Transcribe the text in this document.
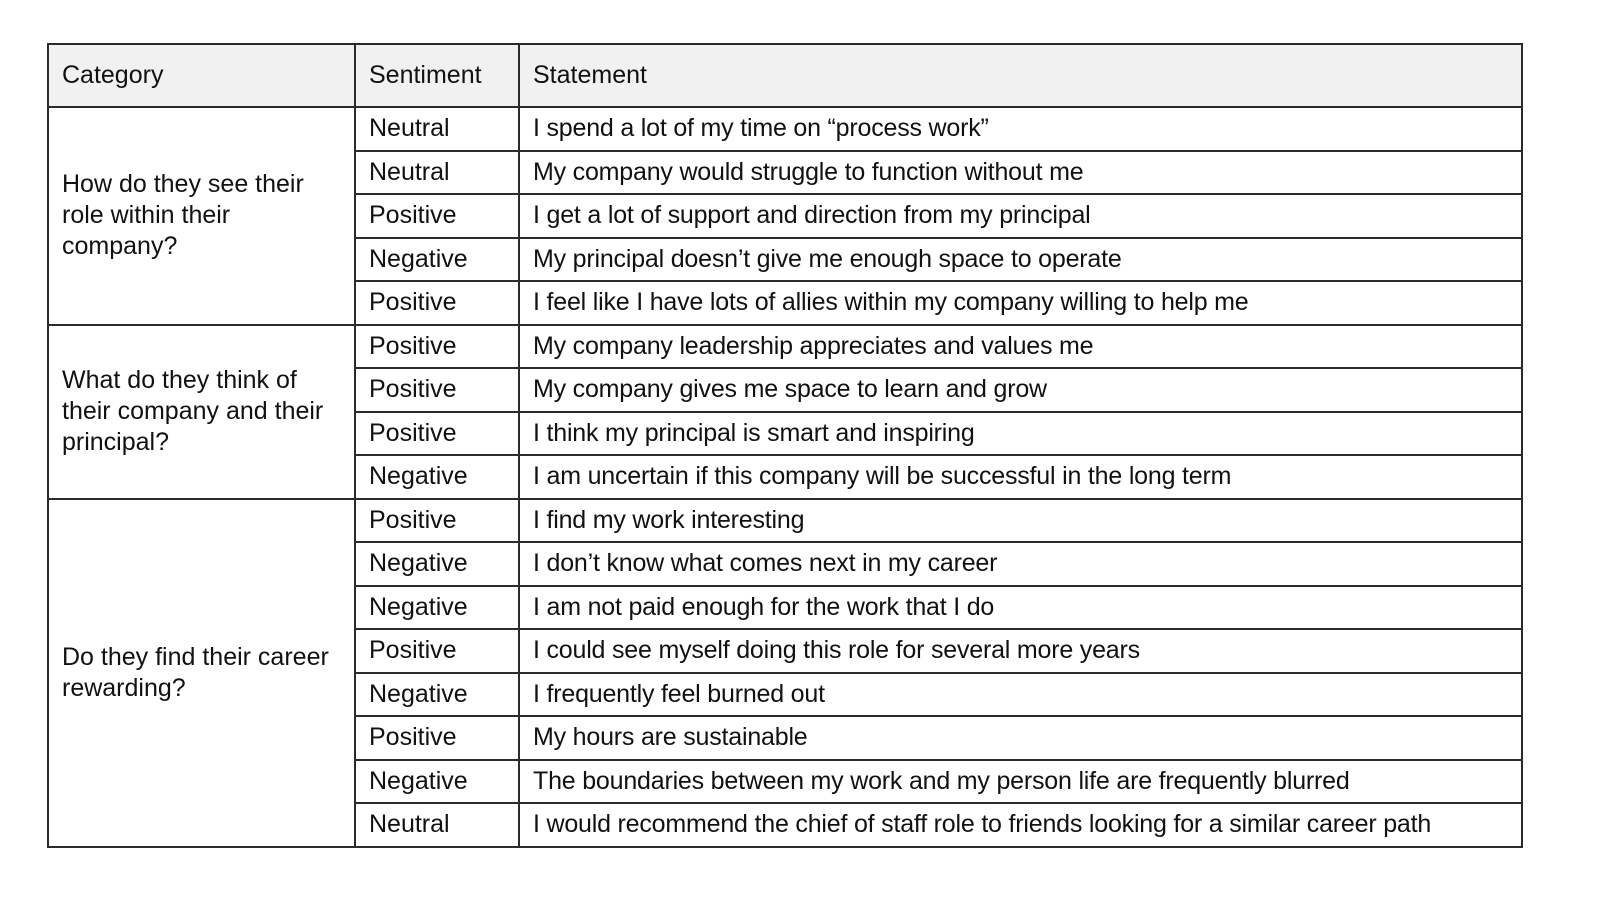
Category	Sentiment	Statement
How do they see their role within their company?	Neutral	I spend a lot of my time on “process work”
	Neutral	My company would struggle to function without me
	Positive	I get a lot of support and direction from my principal
	Negative	My principal doesn’t give me enough space to operate
	Positive	I feel like I have lots of allies within my company willing to help me
What do they think of their company and their principal?	Positive	My company leadership appreciates and values me
	Positive	My company gives me space to learn and grow
	Positive	I think my principal is smart and inspiring
	Negative	I am uncertain if this company will be successful in the long term
Do they find their career rewarding?	Positive	I find my work interesting
	Negative	I don’t know what comes next in my career
	Negative	I am not paid enough for the work that I do
	Positive	I could see myself doing this role for several more years
	Negative	I frequently feel burned out
	Positive	My hours are sustainable
	Negative	The boundaries between my work and my person life are frequently blurred
	Neutral	I would recommend the chief of staff role to friends looking for a similar career path
